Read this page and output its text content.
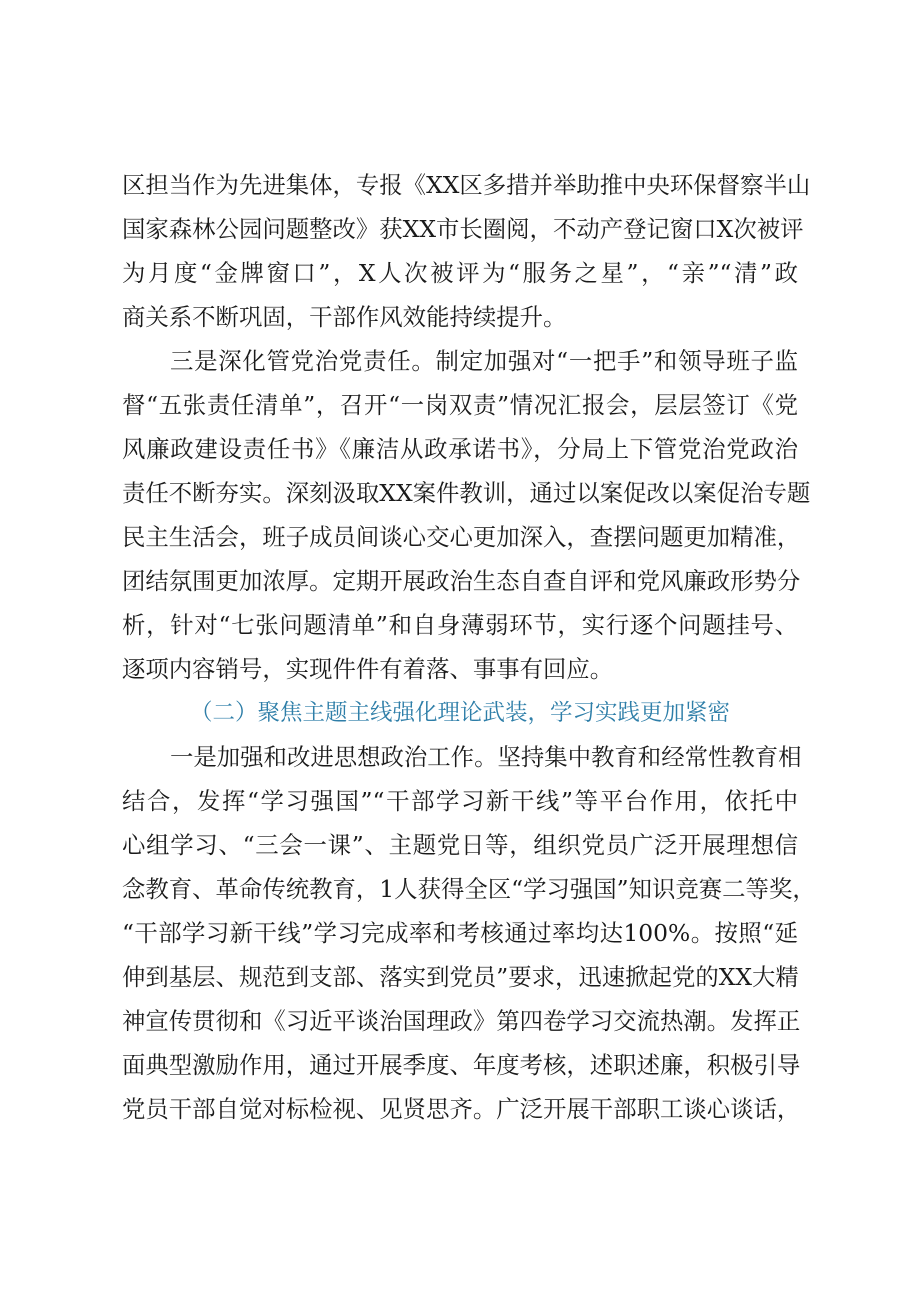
区担当作为先进集体，专报《XX区多措并举助推中央环保督察半山
国家森林公园问题整改》获XX市长圈阅，不动产登记窗口X次被评
为月度“金牌窗口”，X人次被评为“服务之星”，“亲”“清”政
商关系不断巩固，干部作风效能持续提升。
三是深化管党治党责任。制定加强对“一把手”和领导班子监
督“五张责任清单”，召开“一岗双责”情况汇报会，层层签订《党
风廉政建设责任书》《廉洁从政承诺书》，分局上下管党治党政治
责任不断夯实。深刻汲取XX案件教训，通过以案促改以案促治专题
民主生活会，班子成员间谈心交心更加深入，查摆问题更加精准，
团结氛围更加浓厚。定期开展政治生态自查自评和党风廉政形势分
析，针对“七张问题清单”和自身薄弱环节，实行逐个问题挂号、
逐项内容销号，实现件件有着落、事事有回应。
（二）聚焦主题主线强化理论武装，学习实践更加紧密
一是加强和改进思想政治工作。坚持集中教育和经常性教育相
结合，发挥“学习强国”“干部学习新干线”等平台作用，依托中
心组学习、“三会一课”、主题党日等，组织党员广泛开展理想信
念教育、革命传统教育，1人获得全区“学习强国”知识竞赛二等奖，
“干部学习新干线”学习完成率和考核通过率均达100%。按照“延
伸到基层、规范到支部、落实到党员”要求，迅速掀起党的XX大精
神宣传贯彻和《习近平谈治国理政》第四卷学习交流热潮。发挥正
面典型激励作用，通过开展季度、年度考核，述职述廉，积极引导
党员干部自觉对标检视、见贤思齐。广泛开展干部职工谈心谈话，
